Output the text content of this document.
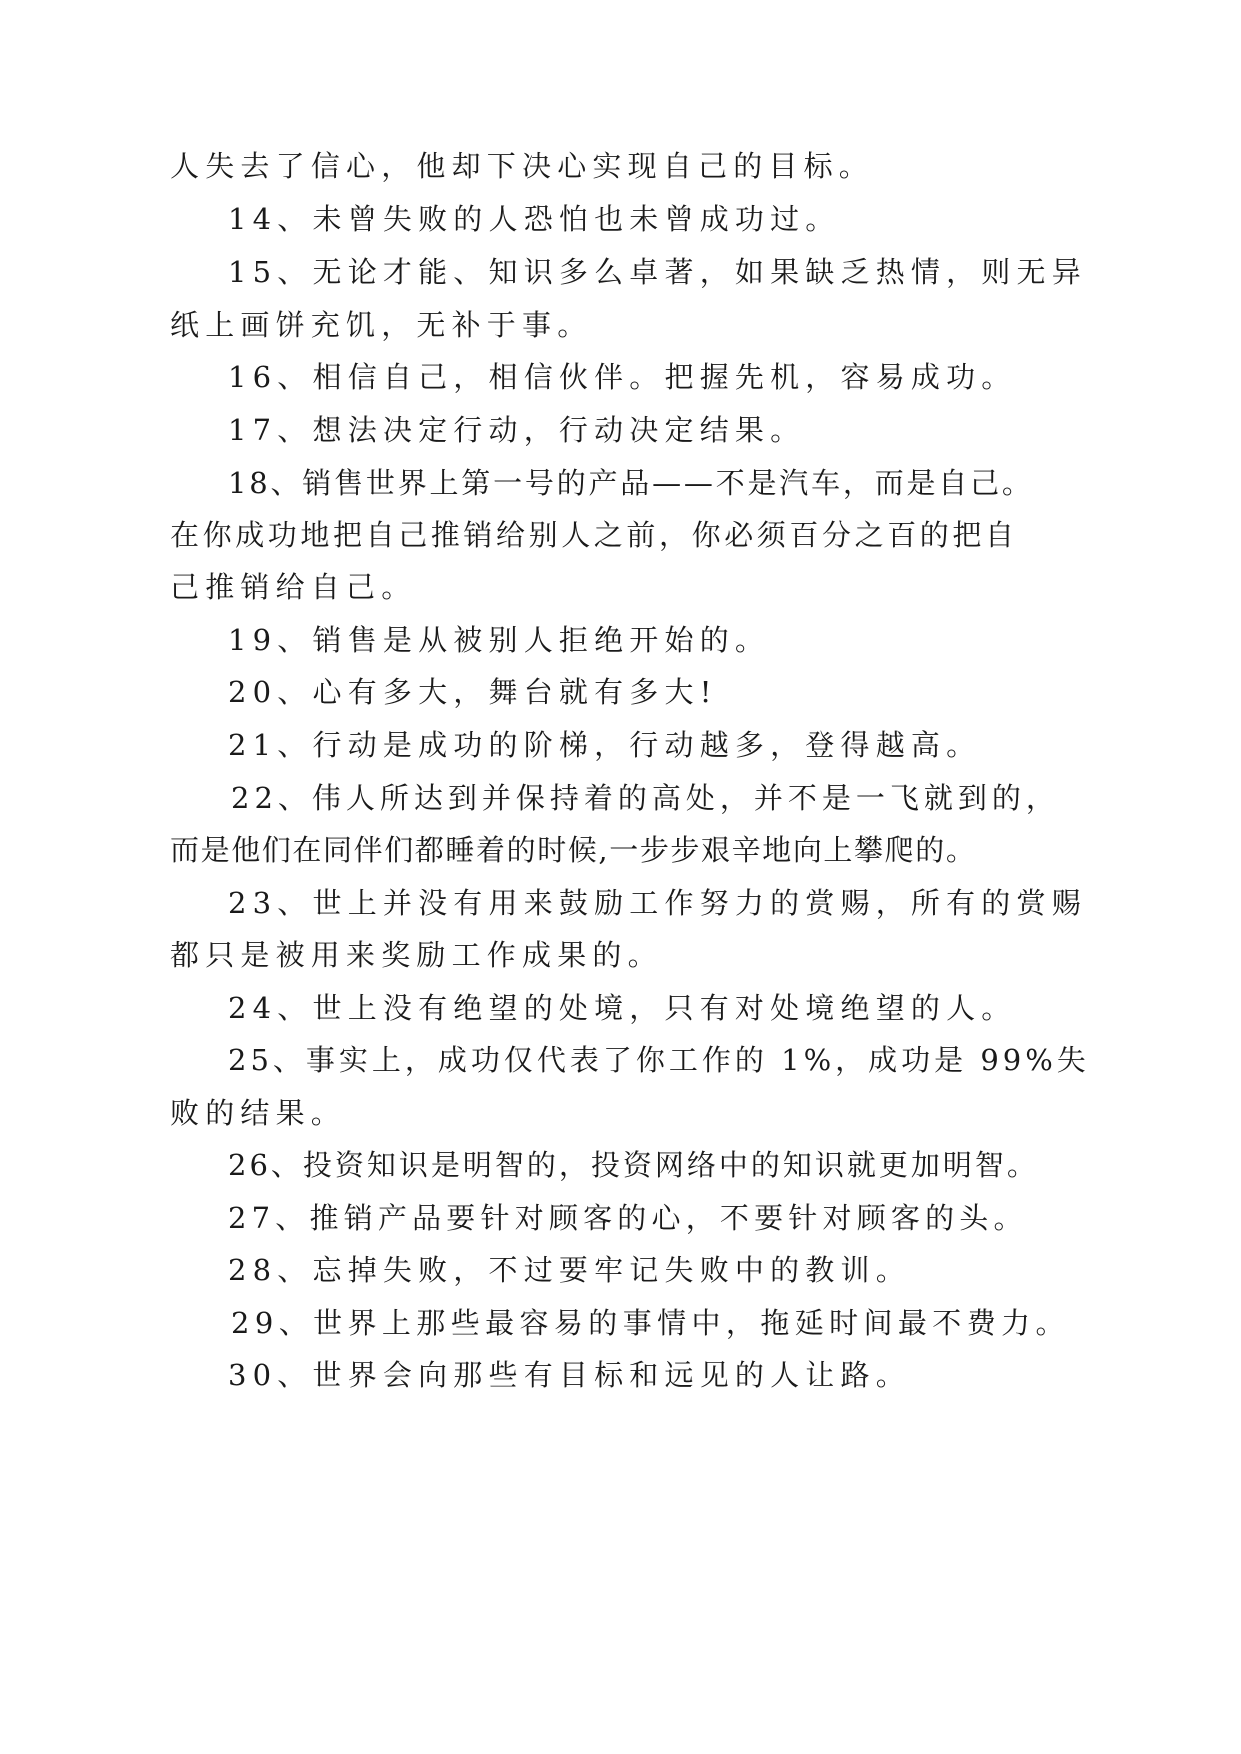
人失去了信心，他却下决心实现自己的目标。
14、未曾失败的人恐怕也未曾成功过。
15、无论才能、知识多么卓著，如果缺乏热情，则无异
纸上画饼充饥，无补于事。
16、相信自己，相信伙伴。把握先机，容易成功。
17、想法决定行动，行动决定结果。
18、销售世界上第一号的产品——不是汽车，而是自己。
在你成功地把自己推销给别人之前，你必须百分之百的把自
己推销给自己。
19、销售是从被别人拒绝开始的。
20、心有多大，舞台就有多大!
21、行动是成功的阶梯，行动越多，登得越高。
22、伟人所达到并保持着的高处，并不是一飞就到的，
而是他们在同伴们都睡着的时候,一步步艰辛地向上攀爬的。
23、世上并没有用来鼓励工作努力的赏赐，所有的赏赐
都只是被用来奖励工作成果的。
24、世上没有绝望的处境，只有对处境绝望的人。
25、事实上，成功仅代表了你工作的 1%，成功是 99%失
败的结果。
26、投资知识是明智的，投资网络中的知识就更加明智。
27、推销产品要针对顾客的心，不要针对顾客的头。
28、忘掉失败，不过要牢记失败中的教训。
29、世界上那些最容易的事情中，拖延时间最不费力。
30、世界会向那些有目标和远见的人让路。
